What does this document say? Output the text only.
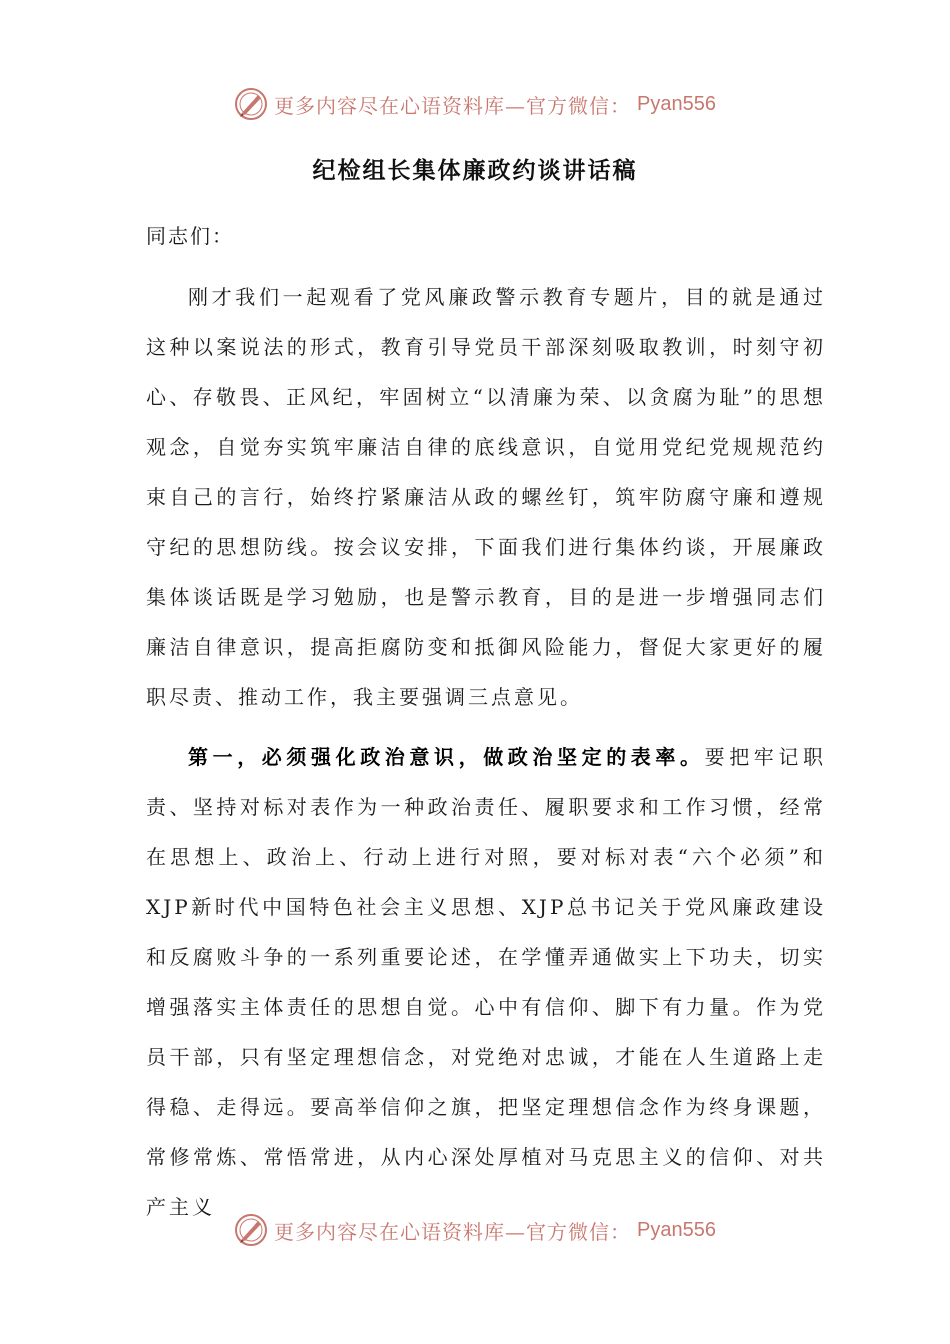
更多内容尽在心语资料库—官方微信： Pyan556
纪检组长集体廉政约谈讲话稿

同志们：

刚才我们一起观看了党风廉政警示教育专题片，目的就是通过这种以案说法的形式，教育引导党员干部深刻吸取教训，时刻守初心、存敬畏、正风纪，牢固树立“以清廉为荣、以贪腐为耻”的思想观念，自觉夯实筑牢廉洁自律的底线意识，自觉用党纪党规规范约束自己的言行，始终拧紧廉洁从政的螺丝钉，筑牢防腐守廉和遵规守纪的思想防线。按会议安排，下面我们进行集体约谈，开展廉政集体谈话既是学习勉励，也是警示教育，目的是进一步增强同志们廉洁自律意识，提高拒腐防变和抵御风险能力，督促大家更好的履职尽责、推动工作，我主要强调三点意见。

第一，必须强化政治意识，做政治坚定的表率。要把牢记职责、坚持对标对表作为一种政治责任、履职要求和工作习惯，经常在思想上、政治上、行动上进行对照，要对标对表“六个必须”和XJP新时代中国特色社会主义思想、XJP总书记关于党风廉政建设和反腐败斗争的一系列重要论述，在学懂弄通做实上下功夫，切实增强落实主体责任的思想自觉。心中有信仰、脚下有力量。作为党员干部，只有坚定理想信念，对党绝对忠诚，才能在人生道路上走得稳、走得远。要高举信仰之旗，把坚定理想信念作为终身课题，常修常炼、常悟常进，从内心深处厚植对马克思主义的信仰、对共产主义

更多内容尽在心语资料库—官方微信： Pyan556
